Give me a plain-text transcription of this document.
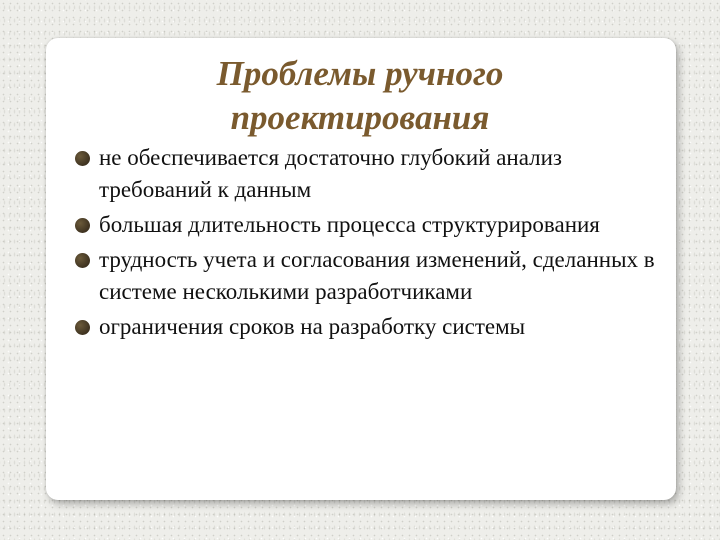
Проблемы ручного
проектирования
не обеспечивается достаточно глубокий анализ требований к данным
большая длительность процесса структурирования
трудность учета и согласования изменений, сделанных в системе несколькими разработчиками
ограничения сроков на разработку системы
